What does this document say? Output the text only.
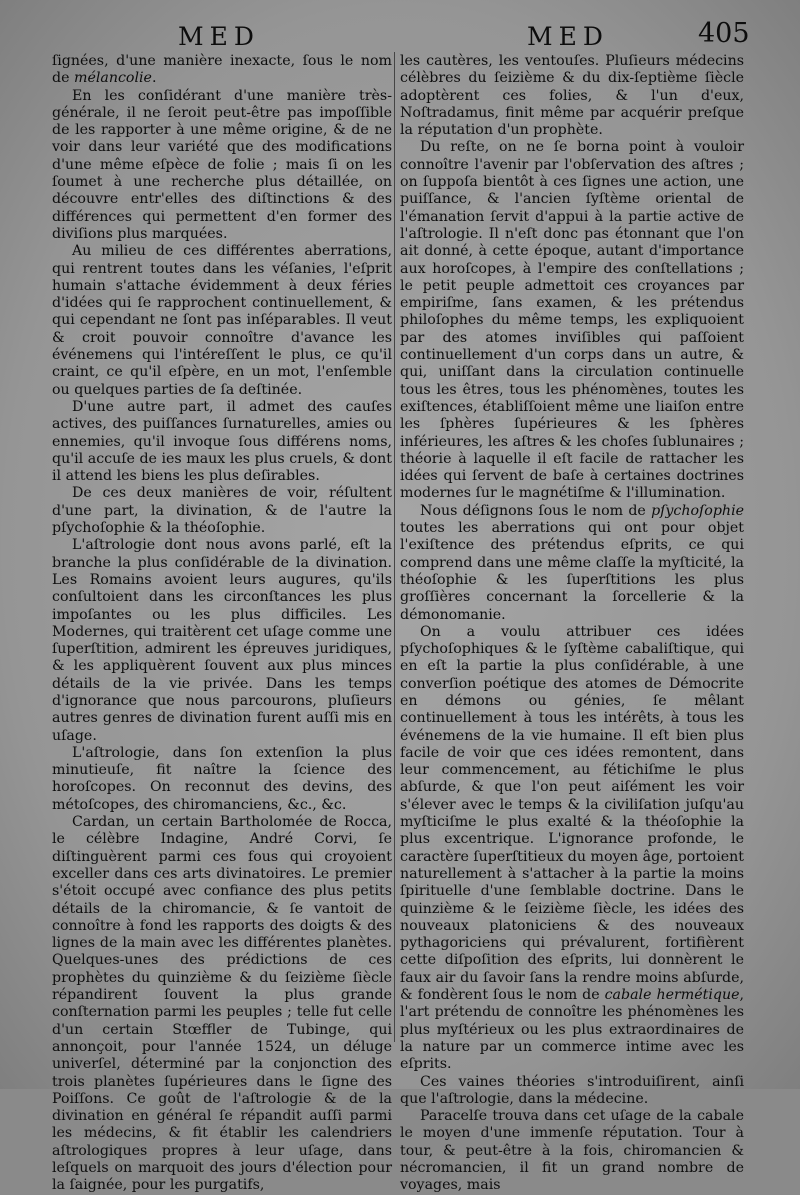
MED	MED	405

ſignées, d'une manière inexacte, ſous le nom de mélancolie.

En les conſidérant d'une manière très-générale, il ne ſeroit peut-être pas impoſſible de les rapporter à une même origine, & de ne voir dans leur variété que des modifications d'une même eſpèce de folie ; mais ſi on les ſoumet à une recherche plus détaillée, on découvre entr'elles des diſtinctions & des différences qui permettent d'en former des diviſions plus marquées.

Au milieu de ces différentes aberrations, qui rentrent toutes dans les véſanies, l'eſprit humain s'attache évidemment à deux féries d'idées qui ſe rapprochent continuellement, & qui cependant ne ſont pas inſéparables. Il veut & croit pouvoir connoître d'avance les événemens qui l'intéreſſent le plus, ce qu'il craint, ce qu'il eſpère, en un mot, l'enſemble ou quelques parties de ſa deſtinée.

D'une autre part, il admet des cauſes actives, des puiſſances ſurnaturelles, amies ou ennemies, qu'il invoque ſous différens noms, qu'il accuſe de ies maux les plus cruels, & dont il attend les biens les plus deſirables.

De ces deux manières de voir, réſultent d'une part, la divination, & de l'autre la pſychoſophie & la théoſophie.

L'aſtrologie dont nous avons parlé, eſt la branche la plus conſidérable de la divination. Les Romains avoient leurs augures, qu'ils conſultoient dans les circonſtances les plus impoſantes ou les plus difficiles. Les Modernes, qui traitèrent cet uſage comme une ſuperſtition, admirent les épreuves juridiques, & les appliquèrent ſouvent aux plus minces détails de la vie privée. Dans les temps d'ignorance que nous parcourons, pluſieurs autres genres de divination furent auſſi mis en uſage.

L'aſtrologie, dans ſon extenſion la plus minutieuſe, fit naître la ſcience des horoſcopes. On reconnut des devins, des métoſcopes, des chiromanciens, &c., &c.

Cardan, un certain Bartholomée de Rocca, le célèbre Indagine, André Corvi, ſe diſtinguèrent parmi ces fous qui croyoient exceller dans ces arts divinatoires. Le premier s'étoit occupé avec confiance des plus petits détails de la chiromancie, & ſe vantoit de connoître à fond les rapports des doigts & des lignes de la main avec les différentes planètes. Quelques-unes des prédictions de ces prophètes du quinzième & du ſeizième ſiècle répandirent ſouvent la plus grande conſternation parmi les peuples ; telle fut celle d'un certain Stœffler de Tubinge, qui annonçoit, pour l'année 1524, un déluge univerſel, déterminé par la conjonction des trois planètes ſupérieures dans le ſigne des Poiſſons. Ce goût de l'aſtrologie & de la divination en général ſe répandit auſſi parmi les médecins, & fit établir les calendriers aſtrologiques propres à leur uſage, dans leſquels on marquoit des jours d'élection pour la ſaignée, pour les purgatifs,

les cautères, les ventouſes. Pluſieurs médecins célèbres du ſeizième & du dix-ſeptième ſiècle adoptèrent ces folies, & l'un d'eux, Noſtradamus, finit même par acquérir preſque la réputation d'un prophète.

Du reſte, on ne ſe borna point à vouloir connoître l'avenir par l'obſervation des aſtres ; on ſuppoſa bientôt à ces ſignes une action, une puiſſance, & l'ancien ſyſtème oriental de l'émanation ſervit d'appui à la partie active de l'aſtrologie. Il n'eſt donc pas étonnant que l'on ait donné, à cette époque, autant d'importance aux horoſcopes, à l'empire des conſtellations ; le petit peuple admettoit ces croyances par empiriſme, ſans examen, & les prétendus philoſophes du même temps, les expliquoient par des atomes inviſibles qui paſſoient continuellement d'un corps dans un autre, & qui, uniſſant dans la circulation continuelle tous les êtres, tous les phénomènes, toutes les exiſtences, établiſſoient même une liaiſon entre les ſphères ſupérieures & les ſphères inférieures, les aſtres & les choſes ſublunaires ; théorie à laquelle il eſt facile de rattacher les idées qui ſervent de baſe à certaines doctrines modernes ſur le magnétiſme & l'illumination.

Nous déſignons ſous le nom de pſychoſophie toutes les aberrations qui ont pour objet l'exiſtence des prétendus eſprits, ce qui comprend dans une même claſſe la myſticité, la théoſophie & les ſuperſtitions les plus groſſières concernant la ſorcellerie & la démonomanie.

On a voulu attribuer ces idées pſychoſophiques & le ſyſtème cabaliſtique, qui en eſt la partie la plus conſidérable, à une converſion poétique des atomes de Démocrite en démons ou génies, ſe mêlant continuellement à tous les intérêts, à tous les événemens de la vie humaine. Il eſt bien plus facile de voir que ces idées remontent, dans leur commencement, au fétichiſme le plus abſurde, & que l'on peut aiſément les voir s'élever avec le temps & la civiliſation juſqu'au myſticiſme le plus exalté & la théoſophie la plus excentrique. L'ignorance profonde, le caractère ſuperſtitieux du moyen âge, portoient naturellement à s'attacher à la partie la moins ſpirituelle d'une ſemblable doctrine. Dans le quinzième & le ſeizième ſiècle, les idées des nouveaux platoniciens & des nouveaux pythagoriciens qui prévalurent, fortifièrent cette diſpoſition des eſprits, lui donnèrent le faux air du ſavoir ſans la rendre moins abſurde, & fondèrent ſous le nom de cabale hermétique, l'art prétendu de connoître les phénomènes les plus myſtérieux ou les plus extraordinaires de la nature par un commerce intime avec les eſprits.

Ces vaines théories s'introduiſirent, ainſi que l'aſtrologie, dans la médecine.

Paracelſe trouva dans cet uſage de la cabale le moyen d'une immenſe réputation. Tour à tour, & peut-être à la fois, chiromancien & nécromancien, il fit un grand nombre de voyages, mais
